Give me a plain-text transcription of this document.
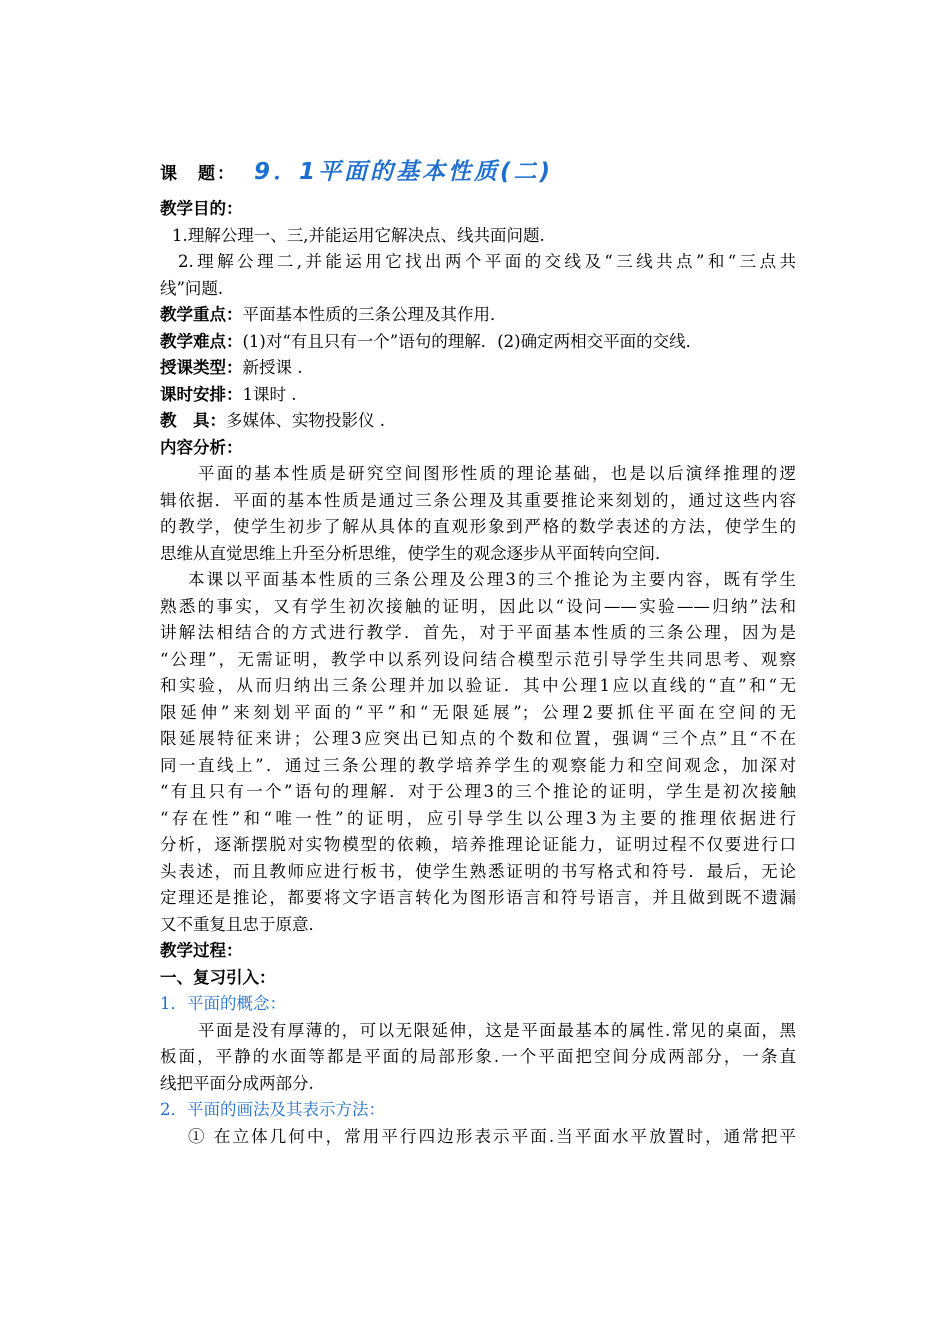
课　题： 9．1平面的基本性质(二)
教学目的：
1.理解公理一、三,并能运用它解决点、线共面问题.
2.理解公理二,并能运用它找出两个平面的交线及“三线共点”和“三点共
线”问题.
教学重点：平面基本性质的三条公理及其作用．
教学难点：(1)对“有且只有一个”语句的理解．(2)确定两相交平面的交线．
授课类型：新授课 .
课时安排：1课时 .
教　具：多媒体、实物投影仪 .
内容分析：
平面的基本性质是研究空间图形性质的理论基础，也是以后演绎推理的逻
辑依据．平面的基本性质是通过三条公理及其重要推论来刻划的，通过这些内容
的教学，使学生初步了解从具体的直观形象到严格的数学表述的方法，使学生的
思维从直觉思维上升至分析思维，使学生的观念逐步从平面转向空间．
本课以平面基本性质的三条公理及公理3的三个推论为主要内容，既有学生
熟悉的事实，又有学生初次接触的证明，因此以“设问——实验——归纳”法和
讲解法相结合的方式进行教学．首先，对于平面基本性质的三条公理，因为是
“公理”，无需证明，教学中以系列设问结合模型示范引导学生共同思考、观察
和实验，从而归纳出三条公理并加以验证．其中公理1应以直线的“直”和“无
限延伸”来刻划平面的“平”和“无限延展”；公理2要抓住平面在空间的无
限延展特征来讲；公理3应突出已知点的个数和位置，强调“三个点”且“不在
同一直线上”．通过三条公理的教学培养学生的观察能力和空间观念，加深对
“有且只有一个”语句的理解．对于公理3的三个推论的证明，学生是初次接触
“存在性”和“唯一性”的证明，应引导学生以公理3为主要的推理依据进行
分析，逐渐摆脱对实物模型的依赖，培养推理论证能力，证明过程不仅要进行口
头表述，而且教师应进行板书，使学生熟悉证明的书写格式和符号．最后，无论
定理还是推论，都要将文字语言转化为图形语言和符号语言，并且做到既不遗漏
又不重复且忠于原意．
教学过程：
一、复习引入：
1．平面的概念：
平面是没有厚薄的，可以无限延伸，这是平面最基本的属性.常见的桌面，黑
板面，平静的水面等都是平面的局部形象.一个平面把空间分成两部分，一条直
线把平面分成两部分.
2．平面的画法及其表示方法：
① 在立体几何中，常用平行四边形表示平面.当平面水平放置时，通常把平
